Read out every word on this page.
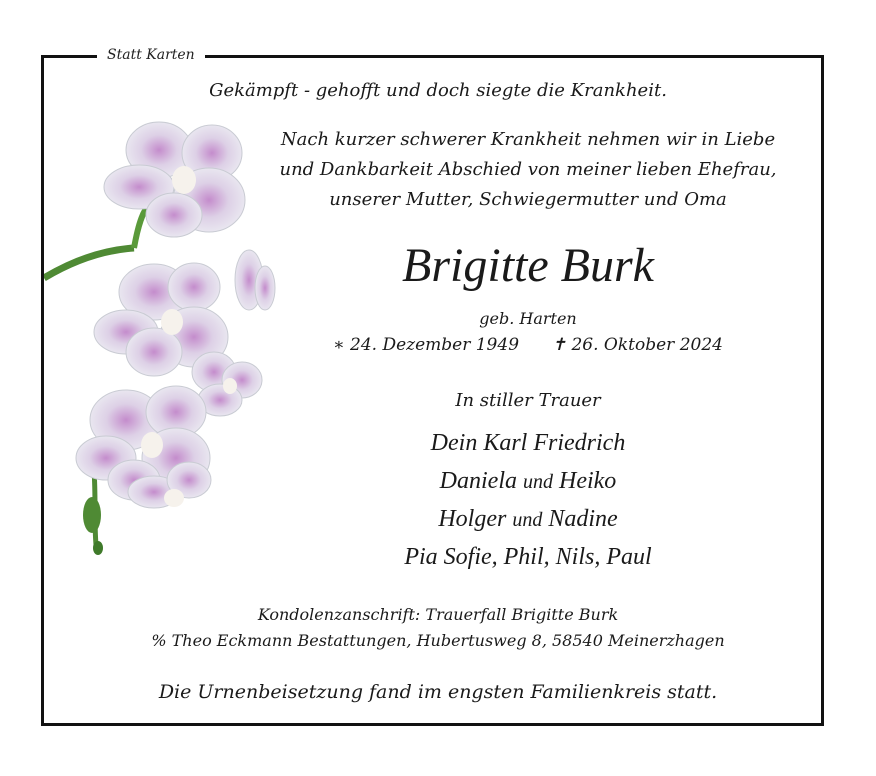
Statt Karten
Gekämpft - gehofft und doch siegte die Krankheit.
Nach kurzer schwerer Krankheit nehmen wir in Liebe
und Dankbarkeit Abschied von meiner lieben Ehefrau,
unserer Mutter, Schwiegermutter und Oma
Brigitte Burk
geb. Harten
∗ 24. Dezember 1949 ✝ 26. Oktober 2024
In stiller Trauer
Dein Karl Friedrich
Daniela und Heiko
Holger und Nadine
Pia Sofie, Phil, Nils, Paul
Kondolenzanschrift: Trauerfall Brigitte Burk
% Theo Eckmann Bestattungen, Hubertusweg 8, 58540 Meinerzhagen
Die Urnenbeisetzung fand im engsten Familienkreis statt.
